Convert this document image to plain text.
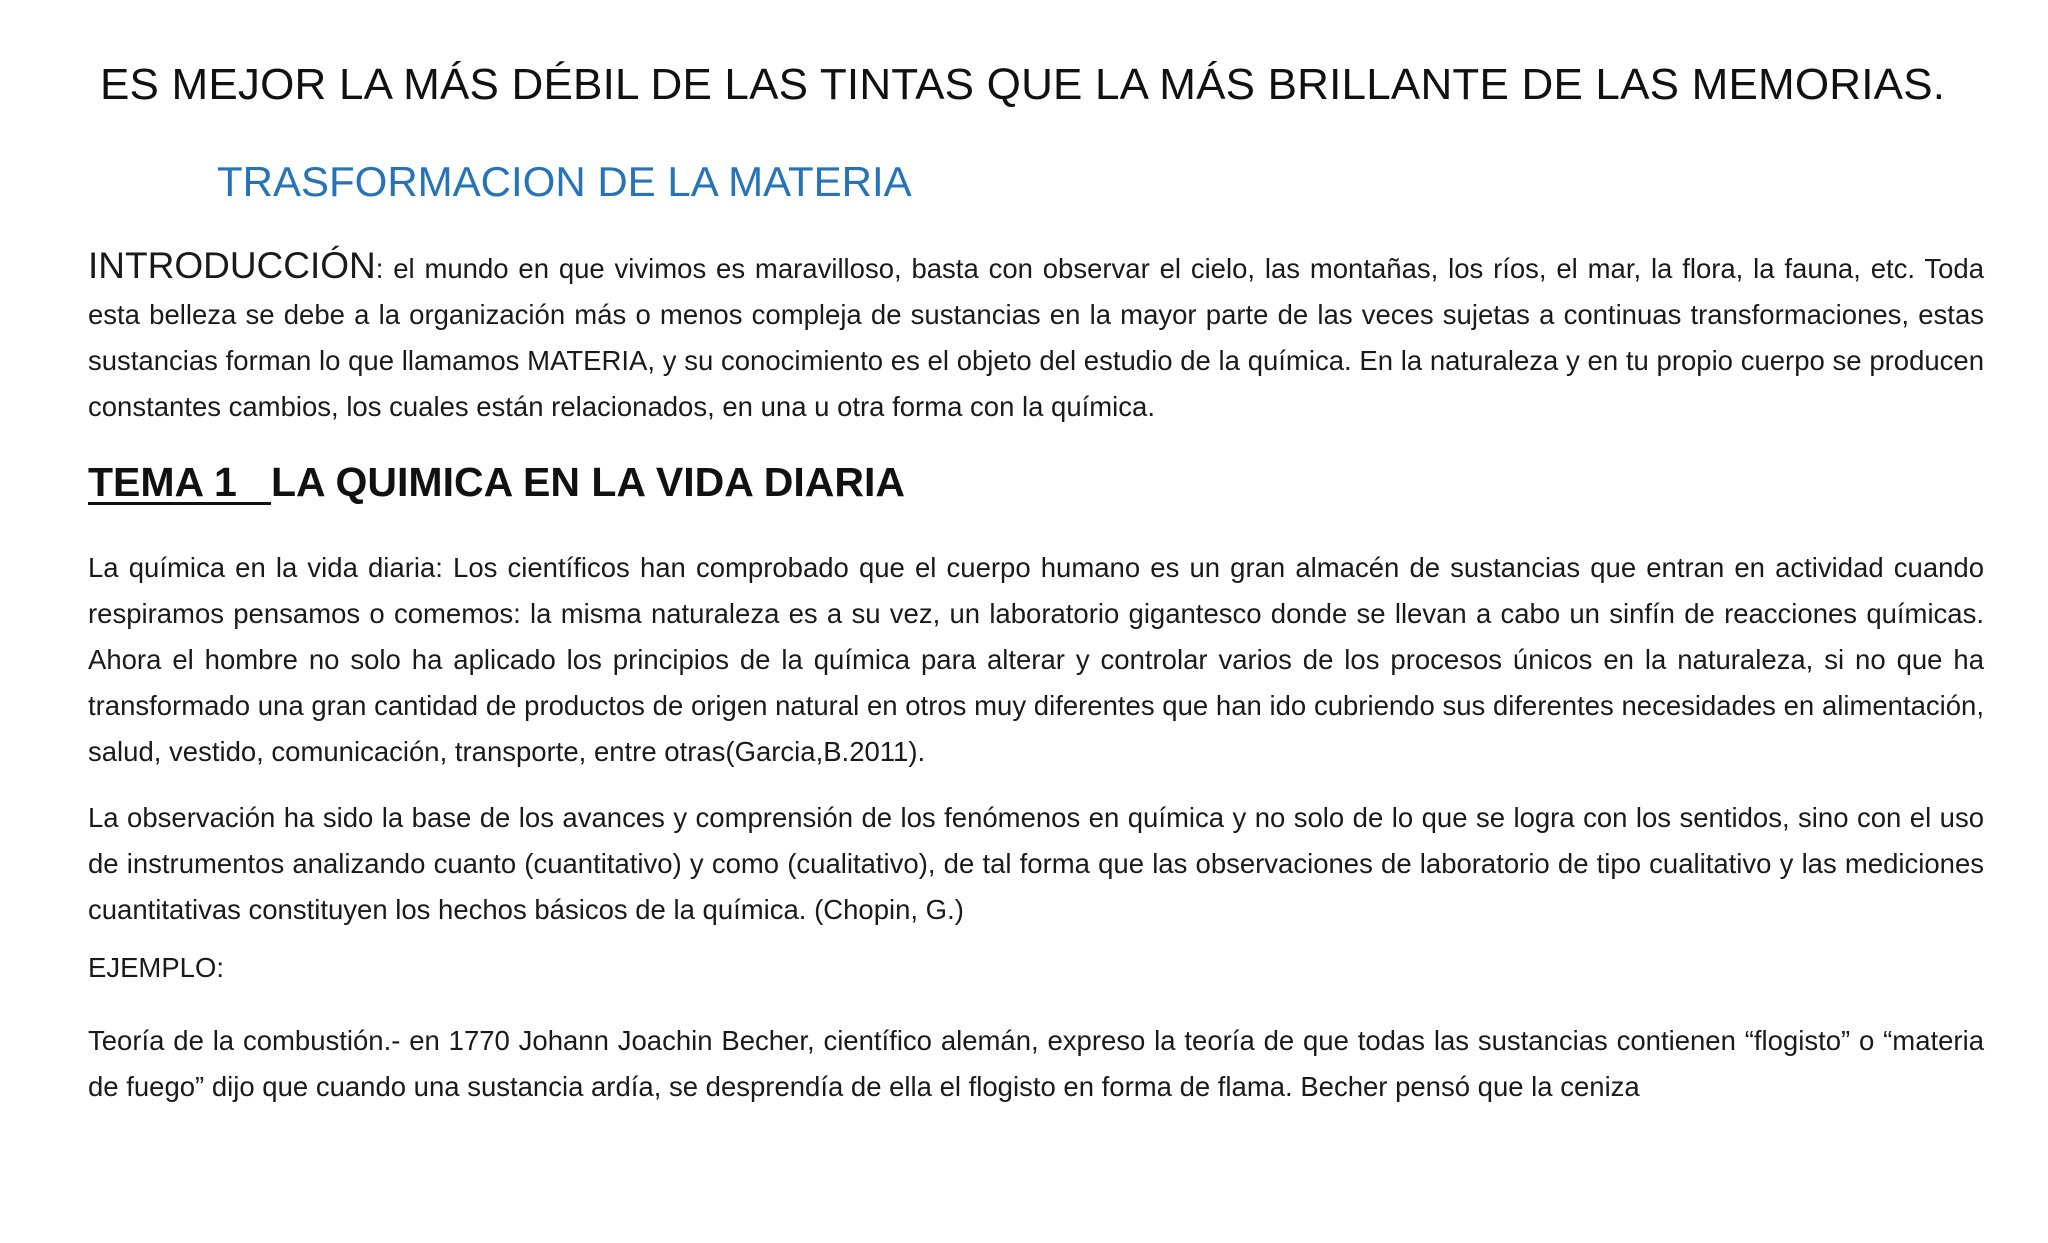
ES MEJOR LA MÁS DÉBIL DE LAS TINTAS QUE LA MÁS BRILLANTE DE LAS MEMORIAS.
TRASFORMACION DE LA MATERIA
INTRODUCCIÓN: el mundo en que vivimos es maravilloso, basta con observar el cielo, las montañas, los ríos, el mar, la flora, la fauna, etc. Toda esta belleza se debe a la organización más o menos compleja de sustancias en la mayor parte de las veces sujetas a continuas transformaciones, estas sustancias forman lo que llamamos MATERIA, y su conocimiento es el objeto del estudio de la química. En la naturaleza y en tu propio cuerpo se producen constantes cambios, los cuales están relacionados, en una u otra forma con la química.
TEMA 1   LA QUIMICA EN LA VIDA DIARIA
La química en la vida diaria: Los científicos han comprobado que el cuerpo humano es un gran almacén de sustancias que entran en actividad cuando respiramos pensamos o comemos: la misma naturaleza es a su vez, un laboratorio gigantesco donde se llevan a cabo un sinfín de reacciones químicas. Ahora el hombre no solo ha aplicado los principios de la química para alterar y controlar varios de los procesos únicos en la naturaleza, si no que ha transformado una gran cantidad de productos de origen natural en otros muy diferentes que han ido cubriendo sus diferentes necesidades en alimentación, salud, vestido, comunicación, transporte, entre otras(Garcia,B.2011).
La observación ha sido la base de los avances y comprensión de los fenómenos en química y no solo de lo que se logra con los sentidos, sino con el uso de instrumentos analizando cuanto (cuantitativo) y como (cualitativo), de tal forma que las observaciones de laboratorio de tipo cualitativo y las mediciones cuantitativas constituyen los hechos básicos de la química. (Chopin, G.)
EJEMPLO:
Teoría de la combustión.- en 1770 Johann Joachin Becher, científico alemán, expreso la teoría de que todas las sustancias contienen “flogisto” o “materia de fuego” dijo que cuando una sustancia ardía, se desprendía de ella el flogisto en forma de flama. Becher pensó que la ceniza
